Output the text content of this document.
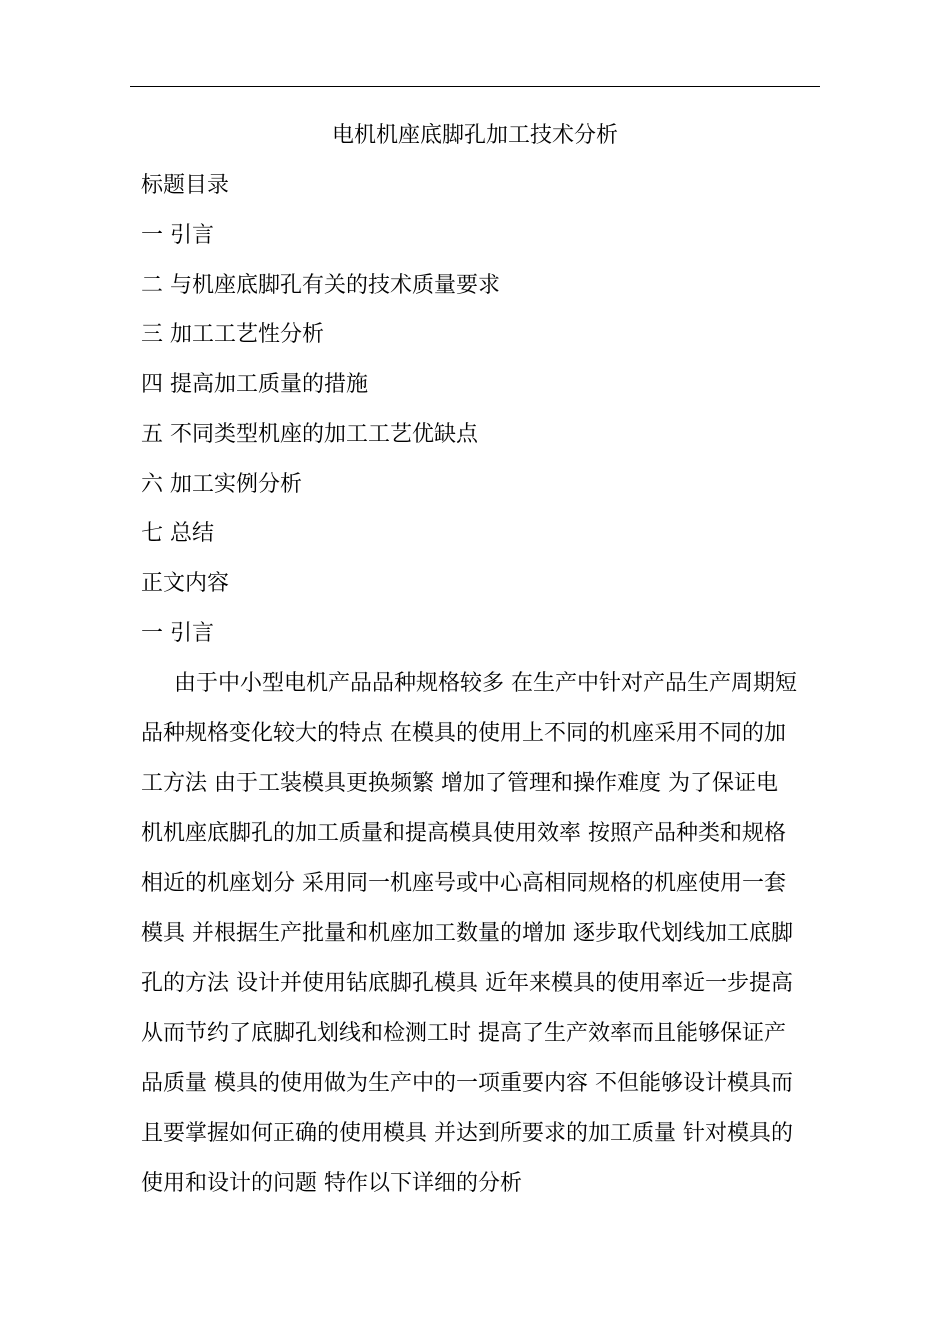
电机机座底脚孔加工技术分析

标题目录

一 引言

二 与机座底脚孔有关的技术质量要求

三 加工工艺性分析

四 提高加工质量的措施

五 不同类型机座的加工工艺优缺点

六 加工实例分析

七 总结

正文内容

一 引言

由于中小型电机产品品种规格较多 在生产中针对产品生产周期短
品种规格变化较大的特点 在模具的使用上不同的机座采用不同的加
工方法 由于工装模具更换频繁 增加了管理和操作难度 为了保证电
机机座底脚孔的加工质量和提高模具使用效率 按照产品种类和规格
相近的机座划分 采用同一机座号或中心高相同规格的机座使用一套
模具 并根据生产批量和机座加工数量的增加 逐步取代划线加工底脚
孔的方法 设计并使用钻底脚孔模具 近年来模具的使用率近一步提高
从而节约了底脚孔划线和检测工时 提高了生产效率而且能够保证产
品质量 模具的使用做为生产中的一项重要内容 不但能够设计模具而
且要掌握如何正确的使用模具 并达到所要求的加工质量 针对模具的
使用和设计的问题 特作以下详细的分析
